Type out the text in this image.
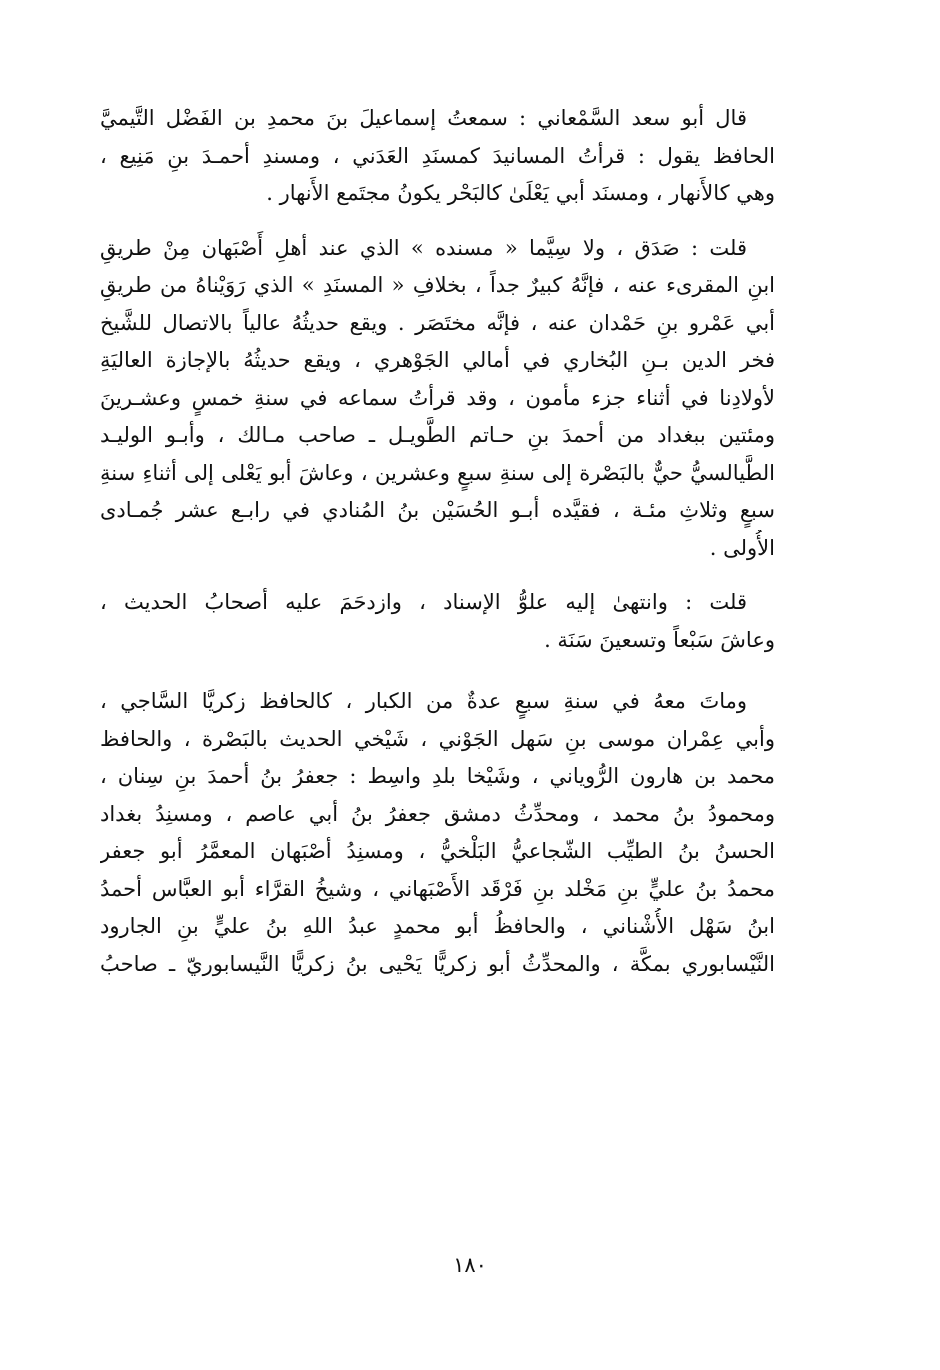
قال أبو سعد السَّمْعاني : سمعتُ إسماعيلَ بنَ محمدِ بن الفَضْل التَّيميَّ
الحافظ يقول : قرأتُ المسانيدَ كمسنَدِ العَدَني ، ومسندِ أحمـدَ بنِ مَنِيع ،
وهي كالأَنهار ، ومسنَد أبي يَعْلَىٰ كالبَحْر يكونُ مجتَمع الأَنهار .
قلت : صَدَق ، ولا سِيَّما « مسنده » الذي عند أهلِ أَصْبَهان مِنْ طريقِ
ابنِ المقرىء عنه ، فإنَّهُ كبيرٌ جداً ، بخلافِ « المسنَدِ » الذي رَوَيْناهُ من طريقِ
أبي عَمْرو بنِ حَمْدان عنه ، فإنَّه مختَصَر . ويقع حديثُهُ عالياً بالاتصال للشَّيخ
فخر الدين بـنِ البُخاري في أمالي الجَوْهري ، ويقع حديثُهُ بالإجازة العاليَةِ
لأولادِنا في أثناء جزء مأمون ، وقد قرأتُ سماعه في سنةِ خمسٍ وعشـرينَ
ومئتين ببغداد من أحمدَ بنِ حـاتم الطَّويـل ـ صاحب مـالك ، وأبـو الوليـد
الطَّيالسيُّ حيٌّ بالبَصْرة إلى سنةِ سبعٍ وعشرين ، وعاشَ أبو يَعْلى إلى أثناءِ سنةِ
سبعٍ وثلاثِ مئـة ، فقيَّده أبـو الحُسَيْن بنُ المُنادي في رابـع عشر جُمـادى
الأُولى .
قلت : وانتهىٰ إليه علوُّ الإسناد ، وازدحَمَ عليه أصحابُ الحديث ،
وعاشَ سَبْعاً وتسعينَ سَنَة .
وماتَ معهُ في سنةِ سبعٍ عدةٌ من الكبار ، كالحافظ زكريَّا السَّاجي ،
وأبي عِمْران موسى بنِ سَهل الجَوْني ، شَيْخي الحديث بالبَصْرة ، والحافظ
محمد بن هارون الرُّوياني ، وشَيْخا بلدِ واسِط : جعفرُ بنُ أحمدَ بنِ سِنان ،
ومحمودُ بنُ محمد ، ومحدِّثُ دمشق جعفرُ بنُ أبي عاصم ، ومسنِدُ بغداد
الحسنُ بنُ الطيِّب الشّجاعيُّ البَلْخيُّ ، ومسنِدُ أصْبَهان المعمَّرُ أبو جعفر
محمدُ بنُ عليٍّ بنِ مَخْلد بنِ فَرْقَد الأَصْبَهاني ، وشيخُ القرَّاء أبو العبَّاس أحمدُ
ابنُ سَهْل الأُشْناني ، والحافظُ أبو محمدٍ عبدُ اللهِ بنُ عليٍّ بنِ الجارود
النَّيْسابوري بمكَّة ، والمحدِّثُ أبو زكريًّا يَحْيى بنُ زكريًّا النَّيسابوريّ ـ صاحبُ
١٨٠
